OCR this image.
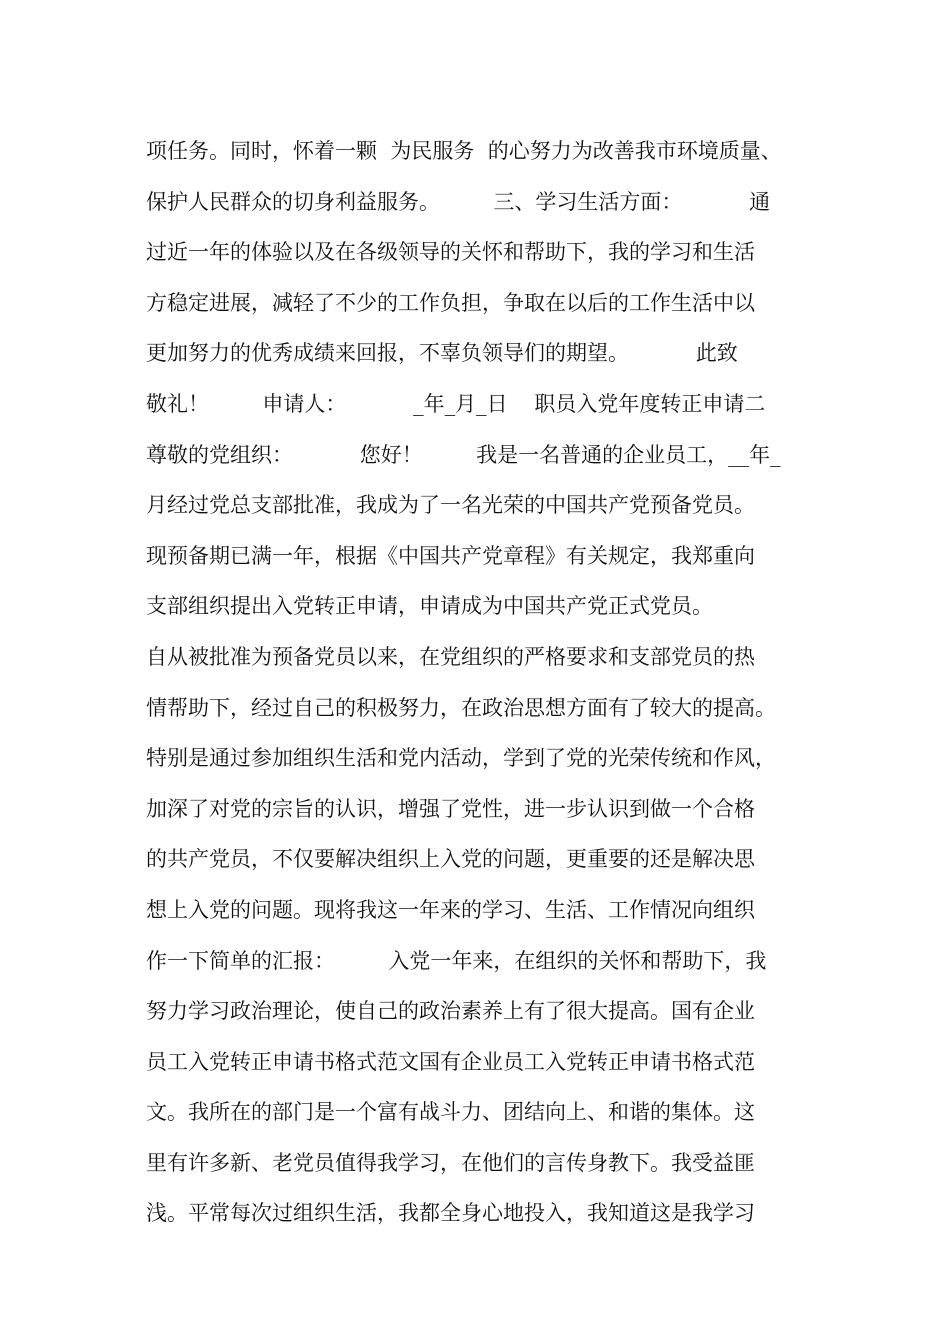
项任务。同时，怀着一颗  为民服务  的心努力为改善我市环境质量、
保护人民群众的切身利益服务。        三、学习生活方面：          通
过近一年的体验以及在各级领导的关怀和帮助下，我的学习和生活
方稳定进展，减轻了不少的工作负担，争取在以后的工作生活中以
更加努力的优秀成绩来回报，不辜负领导们的期望。          此致
敬礼！        申请人：          _年_月_日    职员入党年度转正申请二
尊敬的党组织：          您好！        我是一名普通的企业员工，__年_
月经过党总支部批准，我成为了一名光荣的中国共产党预备党员。
现预备期已满一年，根据《中国共产党章程》有关规定，我郑重向
支部组织提出入党转正申请，申请成为中国共产党正式党员。
自从被批准为预备党员以来，在党组织的严格要求和支部党员的热
情帮助下，经过自己的积极努力，在政治思想方面有了较大的提高。
特别是通过参加组织生活和党内活动，学到了党的光荣传统和作风，
加深了对党的宗旨的认识，增强了党性，进一步认识到做一个合格
的共产党员，不仅要解决组织上入党的问题，更重要的还是解决思
想上入党的问题。现将我这一年来的学习、生活、工作情况向组织
作一下简单的汇报：        入党一年来，在组织的关怀和帮助下，我
努力学习政治理论，使自己的政治素养上有了很大提高。国有企业
员工入党转正申请书格式范文国有企业员工入党转正申请书格式范
文。我所在的部门是一个富有战斗力、团结向上、和谐的集体。这
里有许多新、老党员值得我学习，在他们的言传身教下。我受益匪
浅。平常每次过组织生活，我都全身心地投入，我知道这是我学习
